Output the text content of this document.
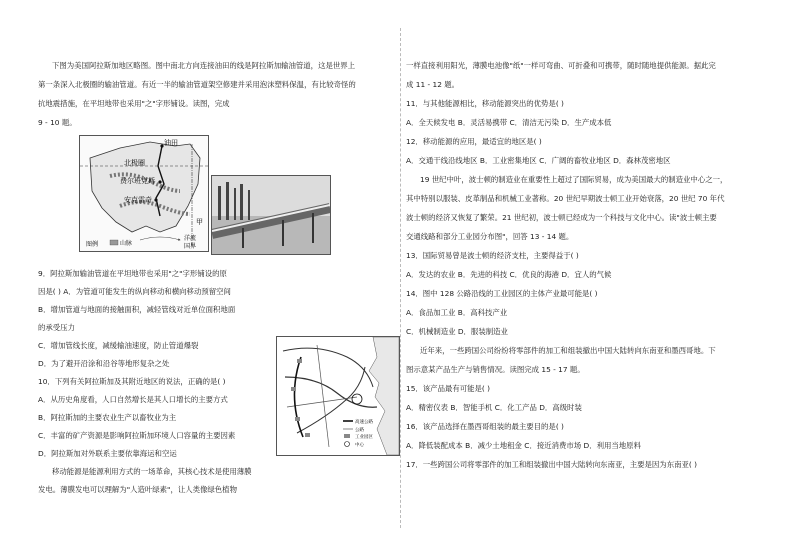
下图为美国阿拉斯加地区略图。图中南北方向连接油田的线是阿拉斯加输油管道，这是世界上
第一条深入北极圈的输油管道。有近一半的输油管道架空修建并采用泡沫塑料保温，有比较奇怪的
抗地震措施，在平坦地带也采用"之"字形铺设。读图，完成
9 - 10 题。
油田
北极圈
费尔班克斯
安克雷奇
甲
图例	山脉
洋流
国界
9．阿拉斯加输油管道在平坦地带也采用"之"字形铺设的原
因是( ) A．为管道可能发生的纵向移动和横向移动预留空间
B．增加管道与地面的接触面积，减轻管线对近单位面积地面
的承受压力
C．增加管线长度，减缓输油速度，防止管道爆裂
D．为了避开沿涂和沿谷等地形复杂之处
10．下列有关阿拉斯加及其附近地区的说法，正确的是( )
A．从历史角度看，人口自然增长是其人口增长的主要方式
B．阿拉斯加的主要农业生产以畜牧业为主
C．丰富的矿产资源是影响阿拉斯加环境人口容量的主要因素
D．阿拉斯加对外联系主要依靠海运和空运
移动能源是能源利用方式的一场革命，其核心技术是使用薄膜
发电。薄膜发电可以理解为"人造叶绿素"，让人类像绿色植物
高速公路
公路
工业园区
中心
一样直接利用阳光，薄膜电池像"纸"一样可弯曲、可折叠和可携带，随时随地提供能源。据此完
成 11 - 12 题。
11．与其他能源相比，移动能源突出的优势是( )
A．全天候发电 B．灵活易携带 C．清洁无污染 D．生产成本低
12．移动能源的应用，最适宜的地区是( )
A．交通干线沿线地区 B．工业密集地区 C．广阔的畜牧业地区 D．森林茂密地区
19 世纪中叶，波士顿的制造业在重要性上超过了国际贸易，成为美国最大的制造业中心之一，
其中特别以服装、皮革制品和机械工业著称。20 世纪早期波士顿工业开始衰落，20 世纪 70 年代
波士顿的经济又恢复了繁荣。21 世纪初，波士顿已经成为一个科技与文化中心。读"波士顿主要
交通线路和部分工业园分布图"，回答 13 - 14 题。
13．国际贸易曾是波士顿的经济支柱，主要得益于( )
A．发达的农业 B．先进的科技 C．优良的海港 D．宜人的气候
14．图中 128 公路沿线的工业园区的主体产业最可能是( )
A．食品加工业 B．高科技产业
C．机械制造业 D．服装制造业
近年来，一些跨国公司纷纷将零部件的加工和组装撤出中国大陆转向东南亚和墨西哥地。下
图示意某产品生产与销售情况。读图完成 15 - 17 题。
15．该产品最有可能是( )
A．精密仪表 B．智能手机 C．化工产品 D．高级时装
16．该产品选择在墨西哥组装的最主要目的是( )
A．降低装配成本 B．减少土地租金 C．接近消费市场 D．利用当地原料
17．一些跨国公司将零部件的加工和组装撤出中国大陆转向东南亚，主要是因为东南亚( )
